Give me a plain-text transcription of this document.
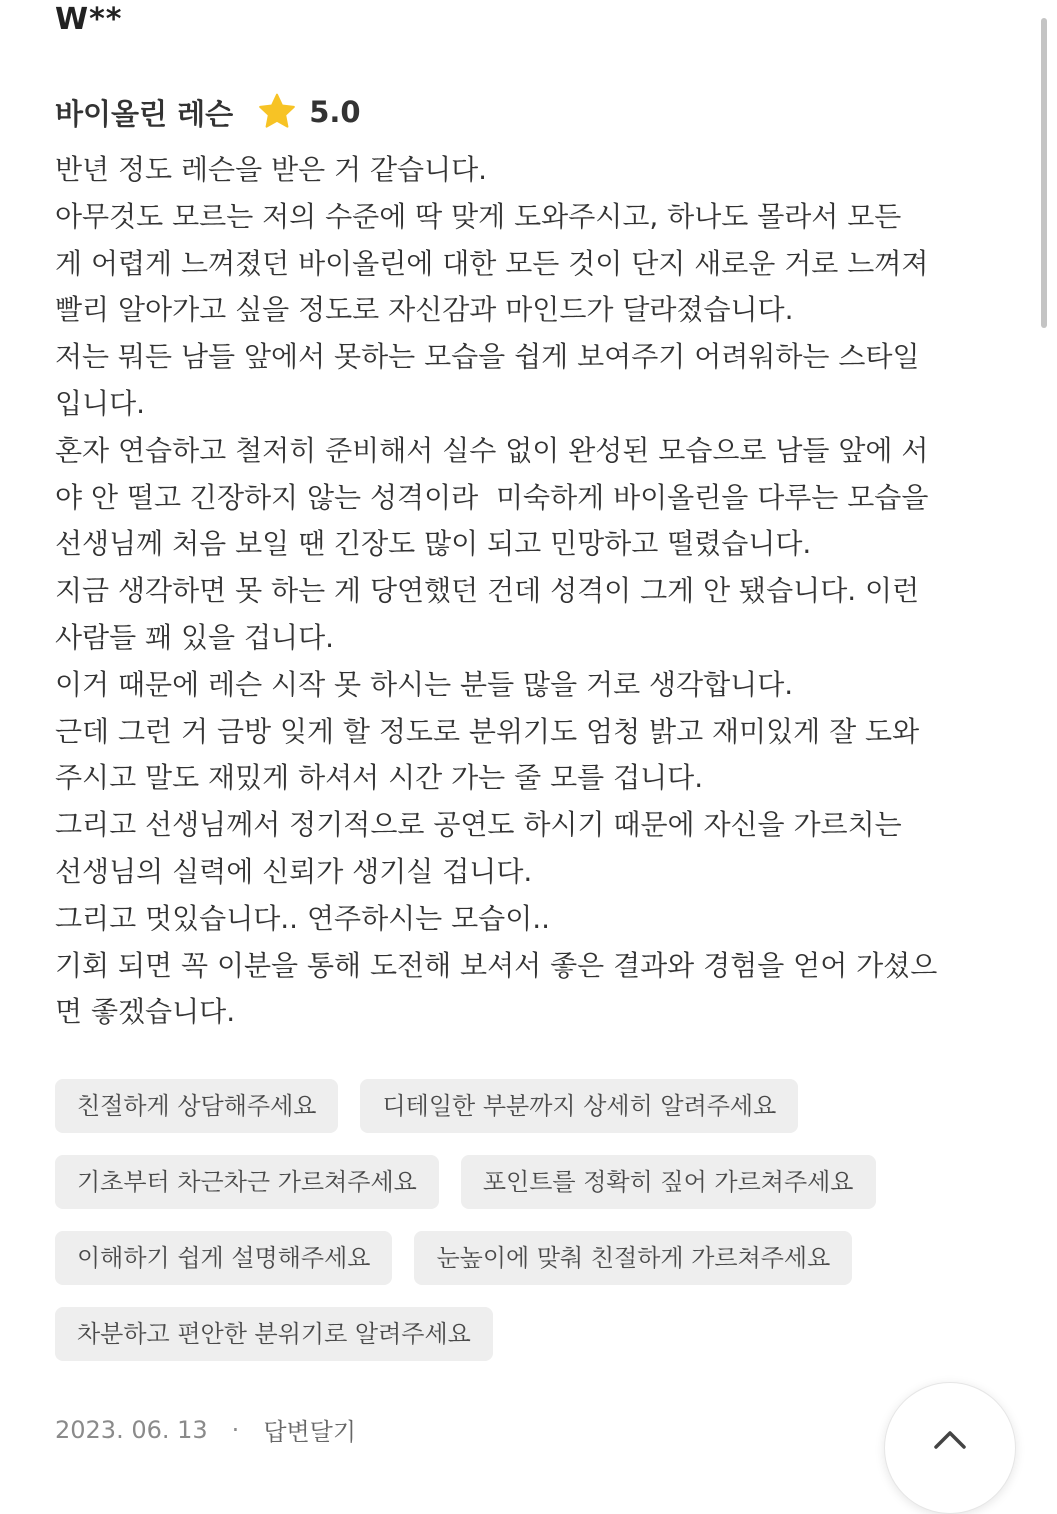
W**
바이올린 레슨	5.0
반년 정도 레슨을 받은 거 같습니다.
아무것도 모르는 저의 수준에 딱 맞게 도와주시고, 하나도 몰라서 모든
게 어렵게 느껴졌던 바이올린에 대한 모든 것이 단지 새로운 거로 느껴져
빨리 알아가고 싶을 정도로 자신감과 마인드가 달라졌습니다.
저는 뭐든 남들 앞에서 못하는 모습을 쉽게 보여주기 어려워하는 스타일
입니다.
혼자 연습하고 철저히 준비해서 실수 없이 완성된 모습으로 남들 앞에 서
야 안 떨고 긴장하지 않는 성격이라  미숙하게 바이올린을 다루는 모습을
선생님께 처음 보일 땐 긴장도 많이 되고 민망하고 떨렸습니다.
지금 생각하면 못 하는 게 당연했던 건데 성격이 그게 안 됐습니다. 이런
사람들 꽤 있을 겁니다.
이거 때문에 레슨 시작 못 하시는 분들 많을 거로 생각합니다.
근데 그런 거 금방 잊게 할 정도로 분위기도 엄청 밝고 재미있게 잘 도와
주시고 말도 재밌게 하셔서 시간 가는 줄 모를 겁니다.
그리고 선생님께서 정기적으로 공연도 하시기 때문에 자신을 가르치는
선생님의 실력에 신뢰가 생기실 겁니다.
그리고 멋있습니다.. 연주하시는 모습이..
기회 되면 꼭 이분을 통해 도전해 보셔서 좋은 결과와 경험을 얻어 가셨으
면 좋겠습니다.
친절하게 상담해주세요	디테일한 부분까지 상세히 알려주세요
기초부터 차근차근 가르쳐주세요	포인트를 정확히 짚어 가르쳐주세요
이해하기 쉽게 설명해주세요	눈높이에 맞춰 친절하게 가르쳐주세요
차분하고 편안한 분위기로 알려주세요
2023. 06. 13 · 답변달기
